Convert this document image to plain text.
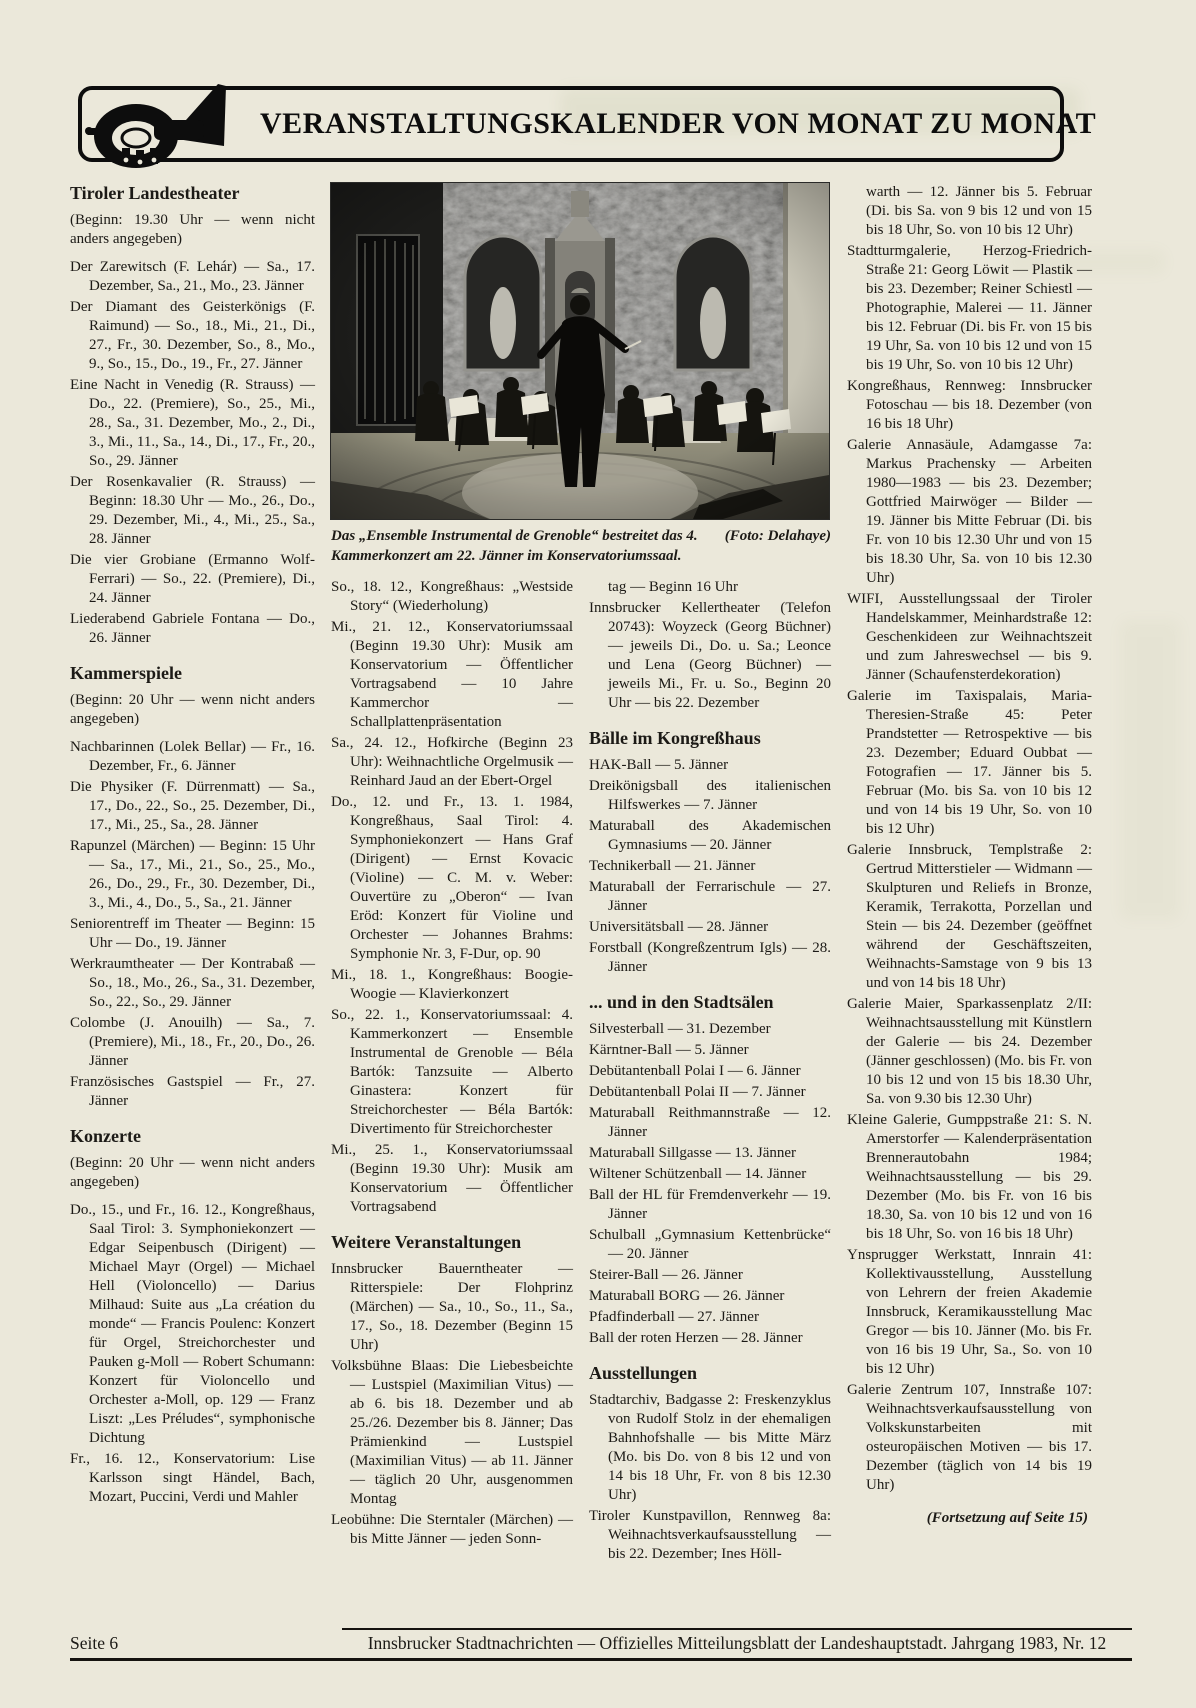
VERANSTALTUNGSKALENDER VON MONAT ZU MONAT
Tiroler Landestheater

(Beginn: 19.30 Uhr — wenn nicht anders angegeben)

Der Zarewitsch (F. Lehár) — Sa., 17. Dezember, Sa., 21., Mo., 23. Jänner

Der Diamant des Geisterkönigs (F. Raimund) — So., 18., Mi., 21., Di., 27., Fr., 30. Dezember, So., 8., Mo., 9., So., 15., Do., 19., Fr., 27. Jänner

Eine Nacht in Venedig (R. Strauss) — Do., 22. (Premiere), So., 25., Mi., 28., Sa., 31. Dezember, Mo., 2., Di., 3., Mi., 11., Sa., 14., Di., 17., Fr., 20., So., 29. Jänner

Der Rosenkavalier (R. Strauss) — Beginn: 18.30 Uhr — Mo., 26., Do., 29. Dezember, Mi., 4., Mi., 25., Sa., 28. Jänner

Die vier Grobiane (Ermanno Wolf-Ferrari) — So., 22. (Premiere), Di., 24. Jänner

Liederabend Gabriele Fontana — Do., 26. Jänner

Kammerspiele

(Beginn: 20 Uhr — wenn nicht anders angegeben)

Nachbarinnen (Lolek Bellar) — Fr., 16. Dezember, Fr., 6. Jänner

Die Physiker (F. Dürrenmatt) — Sa., 17., Do., 22., So., 25. Dezember, Di., 17., Mi., 25., Sa., 28. Jänner

Rapunzel (Märchen) — Beginn: 15 Uhr — Sa., 17., Mi., 21., So., 25., Mo., 26., Do., 29., Fr., 30. Dezember, Di., 3., Mi., 4., Do., 5., Sa., 21. Jänner

Seniorentreff im Theater — Beginn: 15 Uhr — Do., 19. Jänner

Werkraumtheater — Der Kontrabaß — So., 18., Mo., 26., Sa., 31. Dezember, So., 22., So., 29. Jänner

Colombe (J. Anouilh) — Sa., 7. (Premiere), Mi., 18., Fr., 20., Do., 26. Jänner

Französisches Gastspiel — Fr., 27. Jänner

Konzerte

(Beginn: 20 Uhr — wenn nicht anders angegeben)

Do., 15., und Fr., 16. 12., Kongreßhaus, Saal Tirol: 3. Symphoniekonzert — Edgar Seipenbusch (Dirigent) — Michael Mayr (Orgel) — Michael Hell (Violoncello) — Darius Milhaud: Suite aus „La création du monde“ — Francis Poulenc: Konzert für Orgel, Streichorchester und Pauken g-Moll — Robert Schumann: Konzert für Violoncello und Orchester a-Moll, op. 129 — Franz Liszt: „Les Préludes“, symphonische Dichtung

Fr., 16. 12., Konservatorium: Lise Karlsson singt Händel, Bach, Mozart, Puccini, Verdi und Mahler

(Foto: Delahaye)
Das „Ensemble Instrumental de Grenoble“ bestreitet das 4. Kammerkonzert am 22. Jänner im Konservatoriumssaal.

So., 18. 12., Kongreßhaus: „Westside Story“ (Wiederholung)

Mi., 21. 12., Konservatoriumssaal (Beginn 19.30 Uhr): Musik am Konservatorium — Öffentlicher Vortragsabend — 10 Jahre Kammerchor — Schallplattenpräsentation

Sa., 24. 12., Hofkirche (Beginn 23 Uhr): Weihnachtliche Orgelmusik — Reinhard Jaud an der Ebert-Orgel

Do., 12. und Fr., 13. 1. 1984, Kongreßhaus, Saal Tirol: 4. Symphoniekonzert — Hans Graf (Dirigent) — Ernst Kovacic (Violine) — C. M. v. Weber: Ouvertüre zu „Oberon“ — Ivan Eröd: Konzert für Violine und Orchester — Johannes Brahms: Symphonie Nr. 3, F-Dur, op. 90

Mi., 18. 1., Kongreßhaus: Boogie-Woogie — Klavierkonzert

So., 22. 1., Konservatoriumssaal: 4. Kammerkonzert — Ensemble Instrumental de Grenoble — Béla Bartók: Tanzsuite — Alberto Ginastera: Konzert für Streichorchester — Béla Bartók: Divertimento für Streichorchester

Mi., 25. 1., Konservatoriumssaal (Beginn 19.30 Uhr): Musik am Konservatorium — Öffentlicher Vortragsabend

Weitere Veranstaltungen

Innsbrucker Bauerntheater — Ritterspiele: Der Flohprinz (Märchen) — Sa., 10., So., 11., Sa., 17., So., 18. Dezember (Beginn 15 Uhr)

Volksbühne Blaas: Die Liebesbeichte — Lustspiel (Maximilian Vitus) — ab 6. bis 18. Dezember und ab 25./26. Dezember bis 8. Jänner; Das Prämienkind — Lustspiel (Maximilian Vitus) — ab 11. Jänner — täglich 20 Uhr, ausgenommen Montag

Leobühne: Die Sterntaler (Märchen) — bis Mitte Jänner — jeden Sonn-

tag — Beginn 16 Uhr

Innsbrucker Kellertheater (Telefon 20743): Woyzeck (Georg Büchner) — jeweils Di., Do. u. Sa.; Leonce und Lena (Georg Büchner) — jeweils Mi., Fr. u. So., Beginn 20 Uhr — bis 22. Dezember

Bälle im Kongreßhaus

HAK-Ball — 5. Jänner

Dreikönigsball des italienischen Hilfswerkes — 7. Jänner

Maturaball des Akademischen Gymnasiums — 20. Jänner

Technikerball — 21. Jänner

Maturaball der Ferrarischule — 27. Jänner

Universitätsball — 28. Jänner

Forstball (Kongreßzentrum Igls) — 28. Jänner

... und in den Stadtsälen

Silvesterball — 31. Dezember

Kärntner-Ball — 5. Jänner

Debütantenball Polai I — 6. Jänner

Debütantenball Polai II — 7. Jänner

Maturaball Reithmannstraße — 12. Jänner

Maturaball Sillgasse — 13. Jänner

Wiltener Schützenball — 14. Jänner

Ball der HL für Fremdenverkehr — 19. Jänner

Schulball „Gymnasium Kettenbrücke“ — 20. Jänner

Steirer-Ball — 26. Jänner

Maturaball BORG — 26. Jänner

Pfadfinderball — 27. Jänner

Ball der roten Herzen — 28. Jänner

Ausstellungen

Stadtarchiv, Badgasse 2: Freskenzyklus von Rudolf Stolz in der ehemaligen Bahnhofshalle — bis Mitte März (Mo. bis Do. von 8 bis 12 und von 14 bis 18 Uhr, Fr. von 8 bis 12.30 Uhr)

Tiroler Kunstpavillon, Rennweg 8a: Weihnachtsverkaufsausstellung — bis 22. Dezember; Ines Höll-

warth — 12. Jänner bis 5. Februar (Di. bis Sa. von 9 bis 12 und von 15 bis 18 Uhr, So. von 10 bis 12 Uhr)

Stadtturmgalerie, Herzog-Friedrich-Straße 21: Georg Löwit — Plastik — bis 23. Dezember; Reiner Schiestl — Photographie, Malerei — 11. Jänner bis 12. Februar (Di. bis Fr. von 15 bis 19 Uhr, Sa. von 10 bis 12 und von 15 bis 19 Uhr, So. von 10 bis 12 Uhr)

Kongreßhaus, Rennweg: Innsbrucker Fotoschau — bis 18. Dezember (von 16 bis 18 Uhr)

Galerie Annasäule, Adamgasse 7a: Markus Prachensky — Arbeiten 1980—1983 — bis 23. Dezember; Gottfried Mairwöger — Bilder — 19. Jänner bis Mitte Februar (Di. bis Fr. von 10 bis 12.30 Uhr und von 15 bis 18.30 Uhr, Sa. von 10 bis 12.30 Uhr)

WIFI, Ausstellungssaal der Tiroler Handelskammer, Meinhardstraße 12: Geschenkideen zur Weihnachtszeit und zum Jahreswechsel — bis 9. Jänner (Schaufensterdekoration)

Galerie im Taxispalais, Maria-Theresien-Straße 45: Peter Prandstetter — Retrospektive — bis 23. Dezember; Eduard Oubbat — Fotografien — 17. Jänner bis 5. Februar (Mo. bis Sa. von 10 bis 12 und von 14 bis 19 Uhr, So. von 10 bis 12 Uhr)

Galerie Innsbruck, Templstraße 2: Gertrud Mitterstieler — Widmann — Skulpturen und Reliefs in Bronze, Keramik, Terrakotta, Porzellan und Stein — bis 24. Dezember (geöffnet während der Geschäftszeiten, Weihnachts-Samstage von 9 bis 13 und von 14 bis 18 Uhr)

Galerie Maier, Sparkassenplatz 2/II: Weihnachtsausstellung mit Künstlern der Galerie — bis 24. Dezember (Jänner geschlossen) (Mo. bis Fr. von 10 bis 12 und von 15 bis 18.30 Uhr, Sa. von 9.30 bis 12.30 Uhr)

Kleine Galerie, Gumppstraße 21: S. N. Amerstorfer — Kalenderpräsentation Brennerautobahn 1984; Weihnachtsausstellung — bis 29. Dezember (Mo. bis Fr. von 16 bis 18.30, Sa. von 10 bis 12 und von 16 bis 18 Uhr, So. von 16 bis 18 Uhr)

Ynsprugger Werkstatt, Innrain 41: Kollektivausstellung, Ausstellung von Lehrern der freien Akademie Innsbruck, Keramikausstellung Mac Gregor — bis 10. Jänner (Mo. bis Fr. von 16 bis 19 Uhr, Sa., So. von 10 bis 12 Uhr)

Galerie Zentrum 107, Innstraße 107: Weihnachtsverkaufsausstellung von Volkskunstarbeiten mit osteuropäischen Motiven — bis 17. Dezember (täglich von 14 bis 19 Uhr)

(Fortsetzung auf Seite 15)

Seite 6	Innsbrucker Stadtnachrichten — Offizielles Mitteilungsblatt der Landeshauptstadt. Jahrgang 1983, Nr. 12
